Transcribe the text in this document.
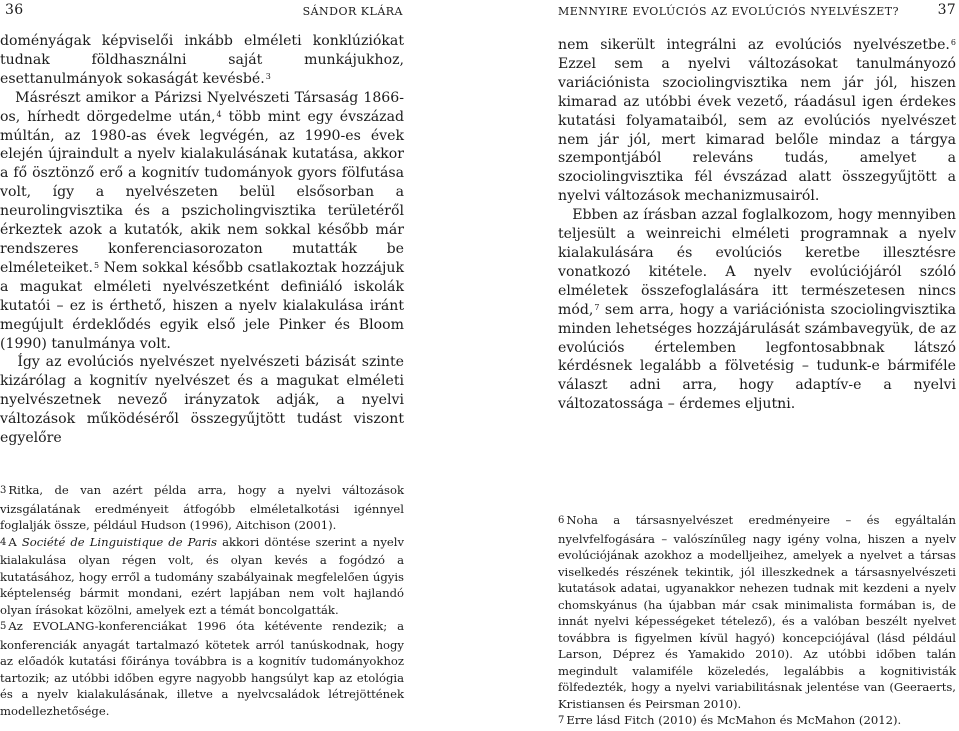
36	SÁNDOR KLÁRA

doményágak képviselői inkább elméleti konklúziókat tudnak földhasználni saját munkájukhoz, esettanulmányok sokaságát kevésbé.$^3$

Másrészt amikor a Párizsi Nyelvészeti Társaság 1866-os, hírhedt dörgedelme után,$^4$ több mint egy évszázad múltán, az 1980-as évek legvégén, az 1990-es évek elején újraindult a nyelv kialakulásának kutatása, akkor a fő ösztönző erő a kognitív tudományok gyors fölfutása volt, így a nyelvészeten belül elsősorban a neurolingvisztika és a pszicholingvisztika területéről érkeztek azok a kutatók, akik nem sokkal később már rendszeres konferenciasorozaton mutatták be elméleteiket.$^5$ Nem sokkal később csatlakoztak hozzájuk a magukat elméleti nyelvészetként definiáló iskolák kutatói – ez is érthető, hiszen a nyelv kialakulása iránt megújult érdeklődés egyik első jele Pinker és Bloom (1990) tanulmánya volt.

Így az evolúciós nyelvészet nyelvészeti bázisát szinte kizárólag a kognitív nyelvészet és a magukat elméleti nyelvészetnek nevező irányzatok adják, a nyelvi változások működéséről összegyűjtött tudást viszont egyelőre

3 Ritka, de van azért példa arra, hogy a nyelvi változások vizsgálatának eredményeit átfogóbb elméletalkotási igénnyel foglalják össze, például Hudson (1996), Aitchison (2001).

4 A Société de Linguistique de Paris akkori döntése szerint a nyelv kialakulása olyan régen volt, és olyan kevés a fogódzó a kutatásához, hogy erről a tudomány szabályainak megfelelően úgyis képtelenség bármit mondani, ezért lapjában nem volt hajlandó olyan írásokat közölni, amelyek ezt a témát boncolgatták.

5 Az EVOLANG-konferenciákat 1996 óta kétévente rendezik; a konferenciák anyagát tartalmazó kötetek arról tanúskodnak, hogy az előadók kutatási főiránya továbbra is a kognitív tudományokhoz tartozik; az utóbbi időben egyre nagyobb hangsúlyt kap az etológia és a nyelv kialakulásának, illetve a nyelvcsaládok létrejöttének modellezhetősége.

MENNYIRE EVOLÚCIÓS AZ EVOLÚCIÓS NYELVÉSZET?	37

nem sikerült integrálni az evolúciós nyelvészetbe.$^6$ Ezzel sem a nyelvi változásokat tanulmányozó variációnista szociolingvisztika nem jár jól, hiszen kimarad az utóbbi évek vezető, ráadásul igen érdekes kutatási folyamataiból, sem az evolúciós nyelvészet nem jár jól, mert kimarad belőle mindaz a tárgya szempontjából releváns tudás, amelyet a szociolingvisztika fél évszázad alatt összegyűjtött a nyelvi változások mechanizmusairól.

Ebben az írásban azzal foglalkozom, hogy mennyiben teljesült a weinreichi elméleti programnak a nyelv kialakulására és evolúciós keretbe illesztésre vonatkozó kitétele. A nyelv evolúciójáról szóló elméletek összefoglalására itt természetesen nincs mód,$^7$ sem arra, hogy a variációnista szociolingvisztika minden lehetséges hozzájárulását számbavegyük, de az evolúciós értelemben legfontosabbnak látszó kérdésnek legalább a fölvetésig – tudunk-e bármiféle választ adni arra, hogy adaptív-e a nyelvi változatossága – érdemes eljutni.

6 Noha a társasnyelvészet eredményeire – és egyáltalán nyelvfelfogására – valószínűleg nagy igény volna, hiszen a nyelv evolúciójának azokhoz a modelljeihez, amelyek a nyelvet a társas viselkedés részének tekintik, jól illeszkednek a társasnyelvészeti kutatások adatai, ugyanakkor nehezen tudnak mit kezdeni a nyelv chomskyánus (ha újabban már csak minimalista formában is, de innát nyelvi képességeket tételező), és a valóban beszélt nyelvet továbbra is figyelmen kívül hagyó) koncepciójával (lásd például Larson, Déprez és Yamakido 2010). Az utóbbi időben talán megindult valamiféle közeledés, legalábbis a kognitivisták fölfedezték, hogy a nyelvi variabilitásnak jelentése van (Geeraerts, Kristiansen és Peirsman 2010).

7 Erre lásd Fitch (2010) és McMahon és McMahon (2012).
